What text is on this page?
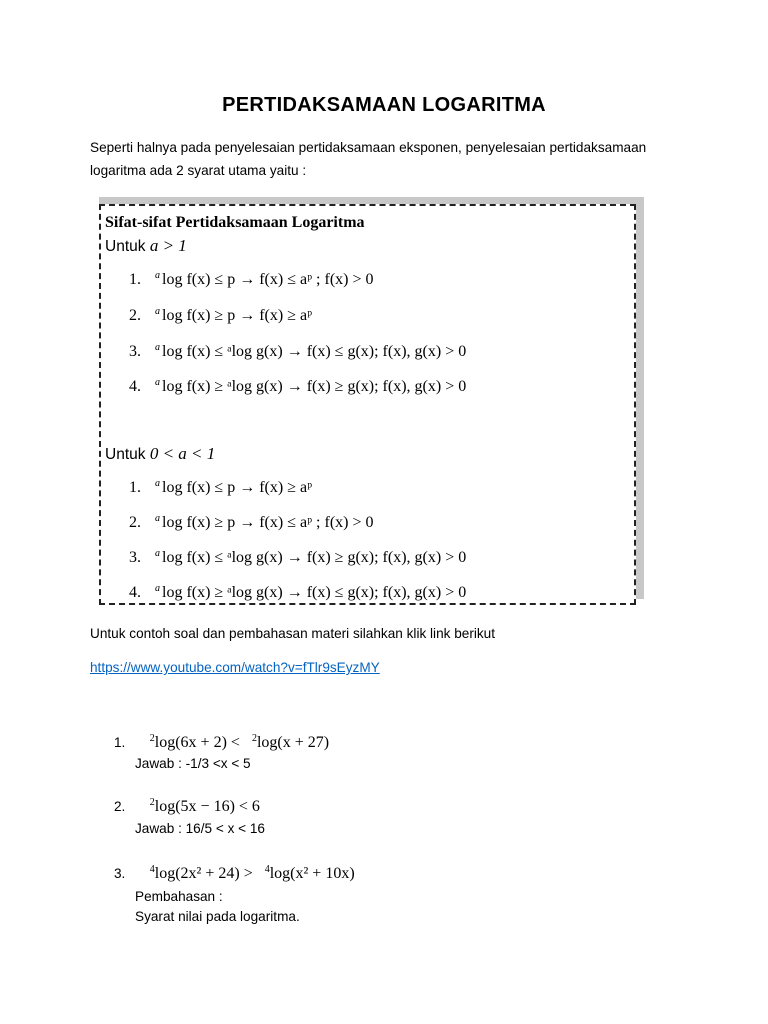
PERTIDAKSAMAAN LOGARITMA
Seperti halnya pada penyelesaian pertidaksamaan eksponen, penyelesaian pertidaksamaan
logaritma ada 2 syarat utama yaitu :
Sifat-sifat Pertidaksamaan Logaritma
Untuk a > 1
1. $^a$ log f(x) ≤ p → f(x) ≤ aᵖ ; f(x) > 0
2. $^a$ log f(x) ≥ p → f(x) ≥ aᵖ
3. $^a$ log f(x) ≤ ᵃlog g(x) → f(x) ≤ g(x); f(x), g(x) > 0
4. $^a$ log f(x) ≥ ᵃlog g(x) → f(x) ≥ g(x); f(x), g(x) > 0
Untuk 0 < a < 1
1. $^a$ log f(x) ≤ p → f(x) ≥ aᵖ
2. $^a$ log f(x) ≥ p → f(x) ≤ aᵖ ; f(x) > 0
3. $^a$ log f(x) ≤ ᵃlog g(x) → f(x) ≥ g(x); f(x), g(x) > 0
4. $^a$ log f(x) ≥ ᵃlog g(x) → f(x) ≤ g(x); f(x), g(x) > 0
Untuk contoh soal dan pembahasan materi silahkan klik link berikut
https://www.youtube.com/watch?v=fTlr9sEyzMY
1. $^2$log(6x + 2) < $^2$log(x + 27)
Jawab : -1/3 <x < 5
2. $^2$log(5x − 16) < 6
Jawab : 16/5 < x < 16
3. $^4$log(2x² + 24) > $^4$log(x² + 10x)
Pembahasan :
Syarat nilai pada logaritma.
